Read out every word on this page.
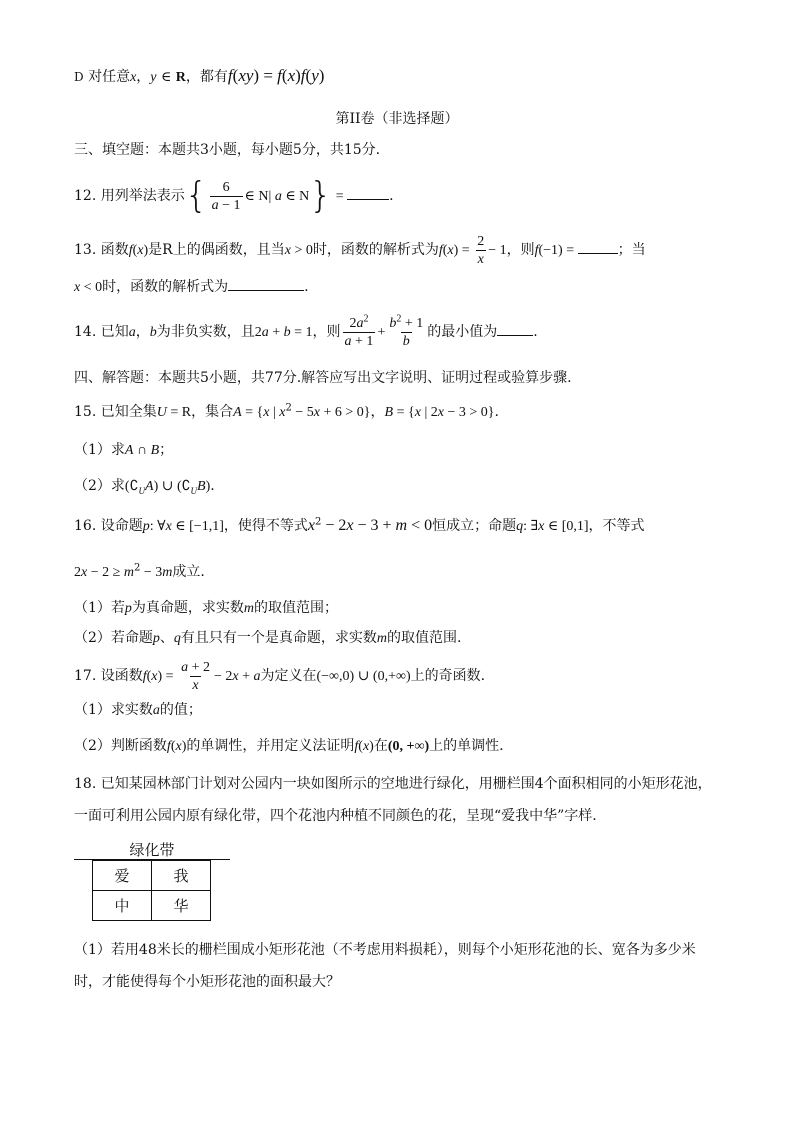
D 对任意x，y ∈ R，都有f(xy) = f(x)f(y)
第II卷（非选择题）
三、填空题：本题共3小题，每小题5分，共15分.
12. 用列举法表示{ $\frac{6}{a - 1}$ ∈ N| a ∈ N} =	.
13. 函数f(x)是R上的偶函数，且当x > 0时，函数的解析式为$f(x) = \frac{2}{x} - 1$，则f(−1) =	；当
x < 0时，函数的解析式为	.
14. 已知a，b为非负实数，且2a + b = 1，则 $\frac{2a^2}{a + 1} + \frac{b^2 + 1}{b}$ 的最小值为	.
四、解答题：本题共5小题，共77分.解答应写出文字说明、证明过程或验算步骤.
15. 已知全集U = R，集合A = {x | $x^2 - 5x + 6 > 0$}，B = {x | 2x − 3 > 0}.
（1）求A ∩ B；
（2）求$(∁_UA)$ ∪ $(∁_UB)$.
16. 设命题p: ∀x ∈ [−1,1]，使得不等式$x^2 - 2x - 3 + m < 0$恒成立；命题q: ∃x ∈ [0,1]，不等式
$2x - 2 \ge m^2 - 3m$成立.
（1）若p为真命题，求实数m的取值范围；
（2）若命题p、q有且只有一个是真命题，求实数m的取值范围.
17. 设函数$f(x) = \frac{a + 2}{x} - 2x + a$为定义在(−∞,0) ∪ (0,+∞)上的奇函数.
（1）求实数a的值；
（2）判断函数f(x)的单调性，并用定义法证明f(x)在(0, +∞)上的单调性.
18. 已知某园林部门计划对公园内一块如图所示的空地进行绿化，用栅栏围4个面积相同的小矩形花池，
一面可利用公园内原有绿化带，四个花池内种植不同颜色的花，呈现“爱我中华”字样.
绿化带
爱	我
中	华
（1）若用48米长的栅栏围成小矩形花池（不考虑用料损耗），则每个小矩形花池的长、宽各为多少米
时，才能使得每个小矩形花池的面积最大？
